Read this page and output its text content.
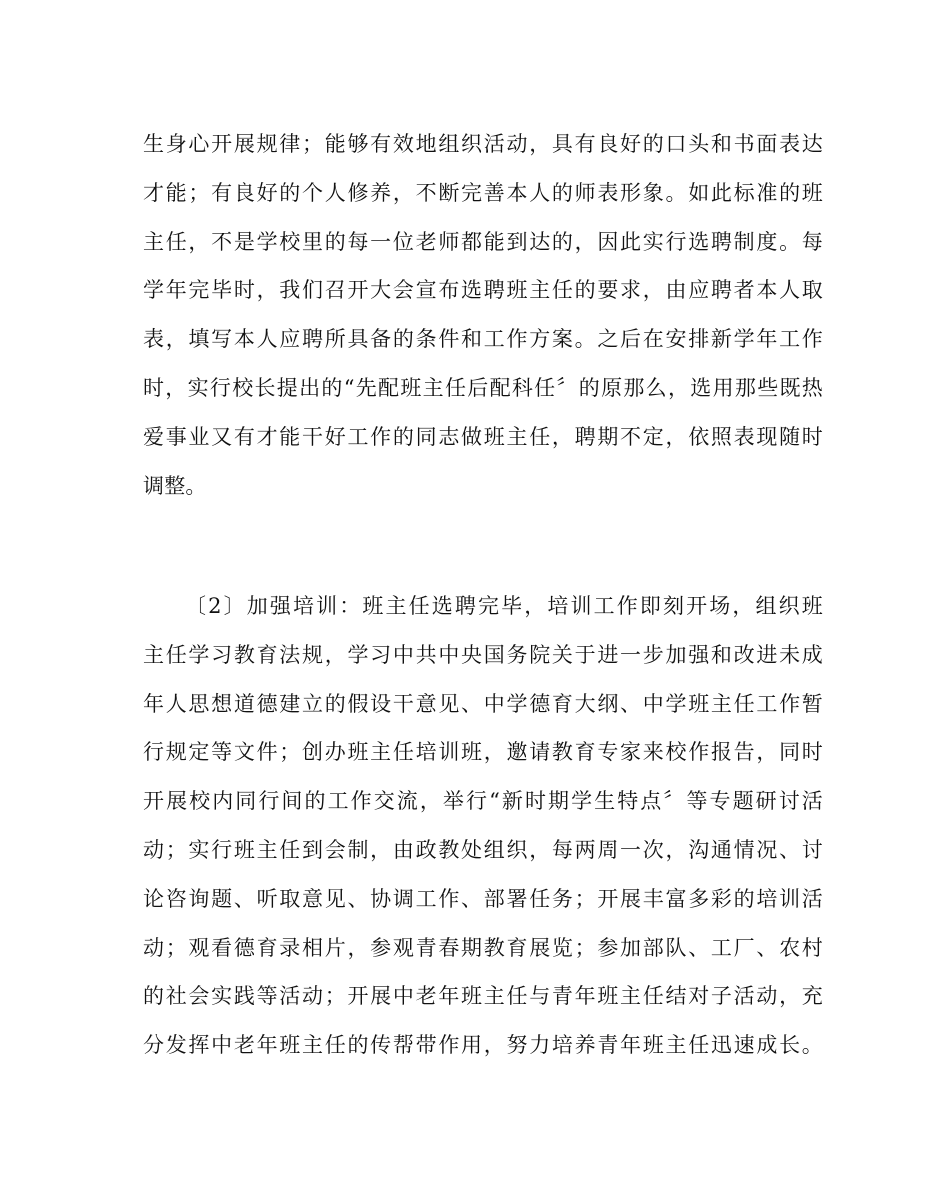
生身心开展规律；能够有效地组织活动，具有良好的口头和书面表达
才能；有良好的个人修养，不断完善本人的师表形象。如此标准的班
主任，不是学校里的每一位老师都能到达的，因此实行选聘制度。每
学年完毕时，我们召开大会宣布选聘班主任的要求，由应聘者本人取
表，填写本人应聘所具备的条件和工作方案。之后在安排新学年工作
时，实行校长提出的“先配班主任后配科任〞的原那么，选用那些既热
爱事业又有才能干好工作的同志做班主任，聘期不定，依照表现随时
调整。
〔2〕加强培训：班主任选聘完毕，培训工作即刻开场，组织班
主任学习教育法规，学习中共中央国务院关于进一步加强和改进未成
年人思想道德建立的假设干意见、中学德育大纲、中学班主任工作暂
行规定等文件；创办班主任培训班，邀请教育专家来校作报告，同时
开展校内同行间的工作交流，举行“新时期学生特点〞等专题研讨活
动；实行班主任到会制，由政教处组织，每两周一次，沟通情况、讨
论咨询题、听取意见、协调工作、部署任务；开展丰富多彩的培训活
动；观看德育录相片，参观青春期教育展览；参加部队、工厂、农村
的社会实践等活动；开展中老年班主任与青年班主任结对子活动，充
分发挥中老年班主任的传帮带作用，努力培养青年班主任迅速成长。
